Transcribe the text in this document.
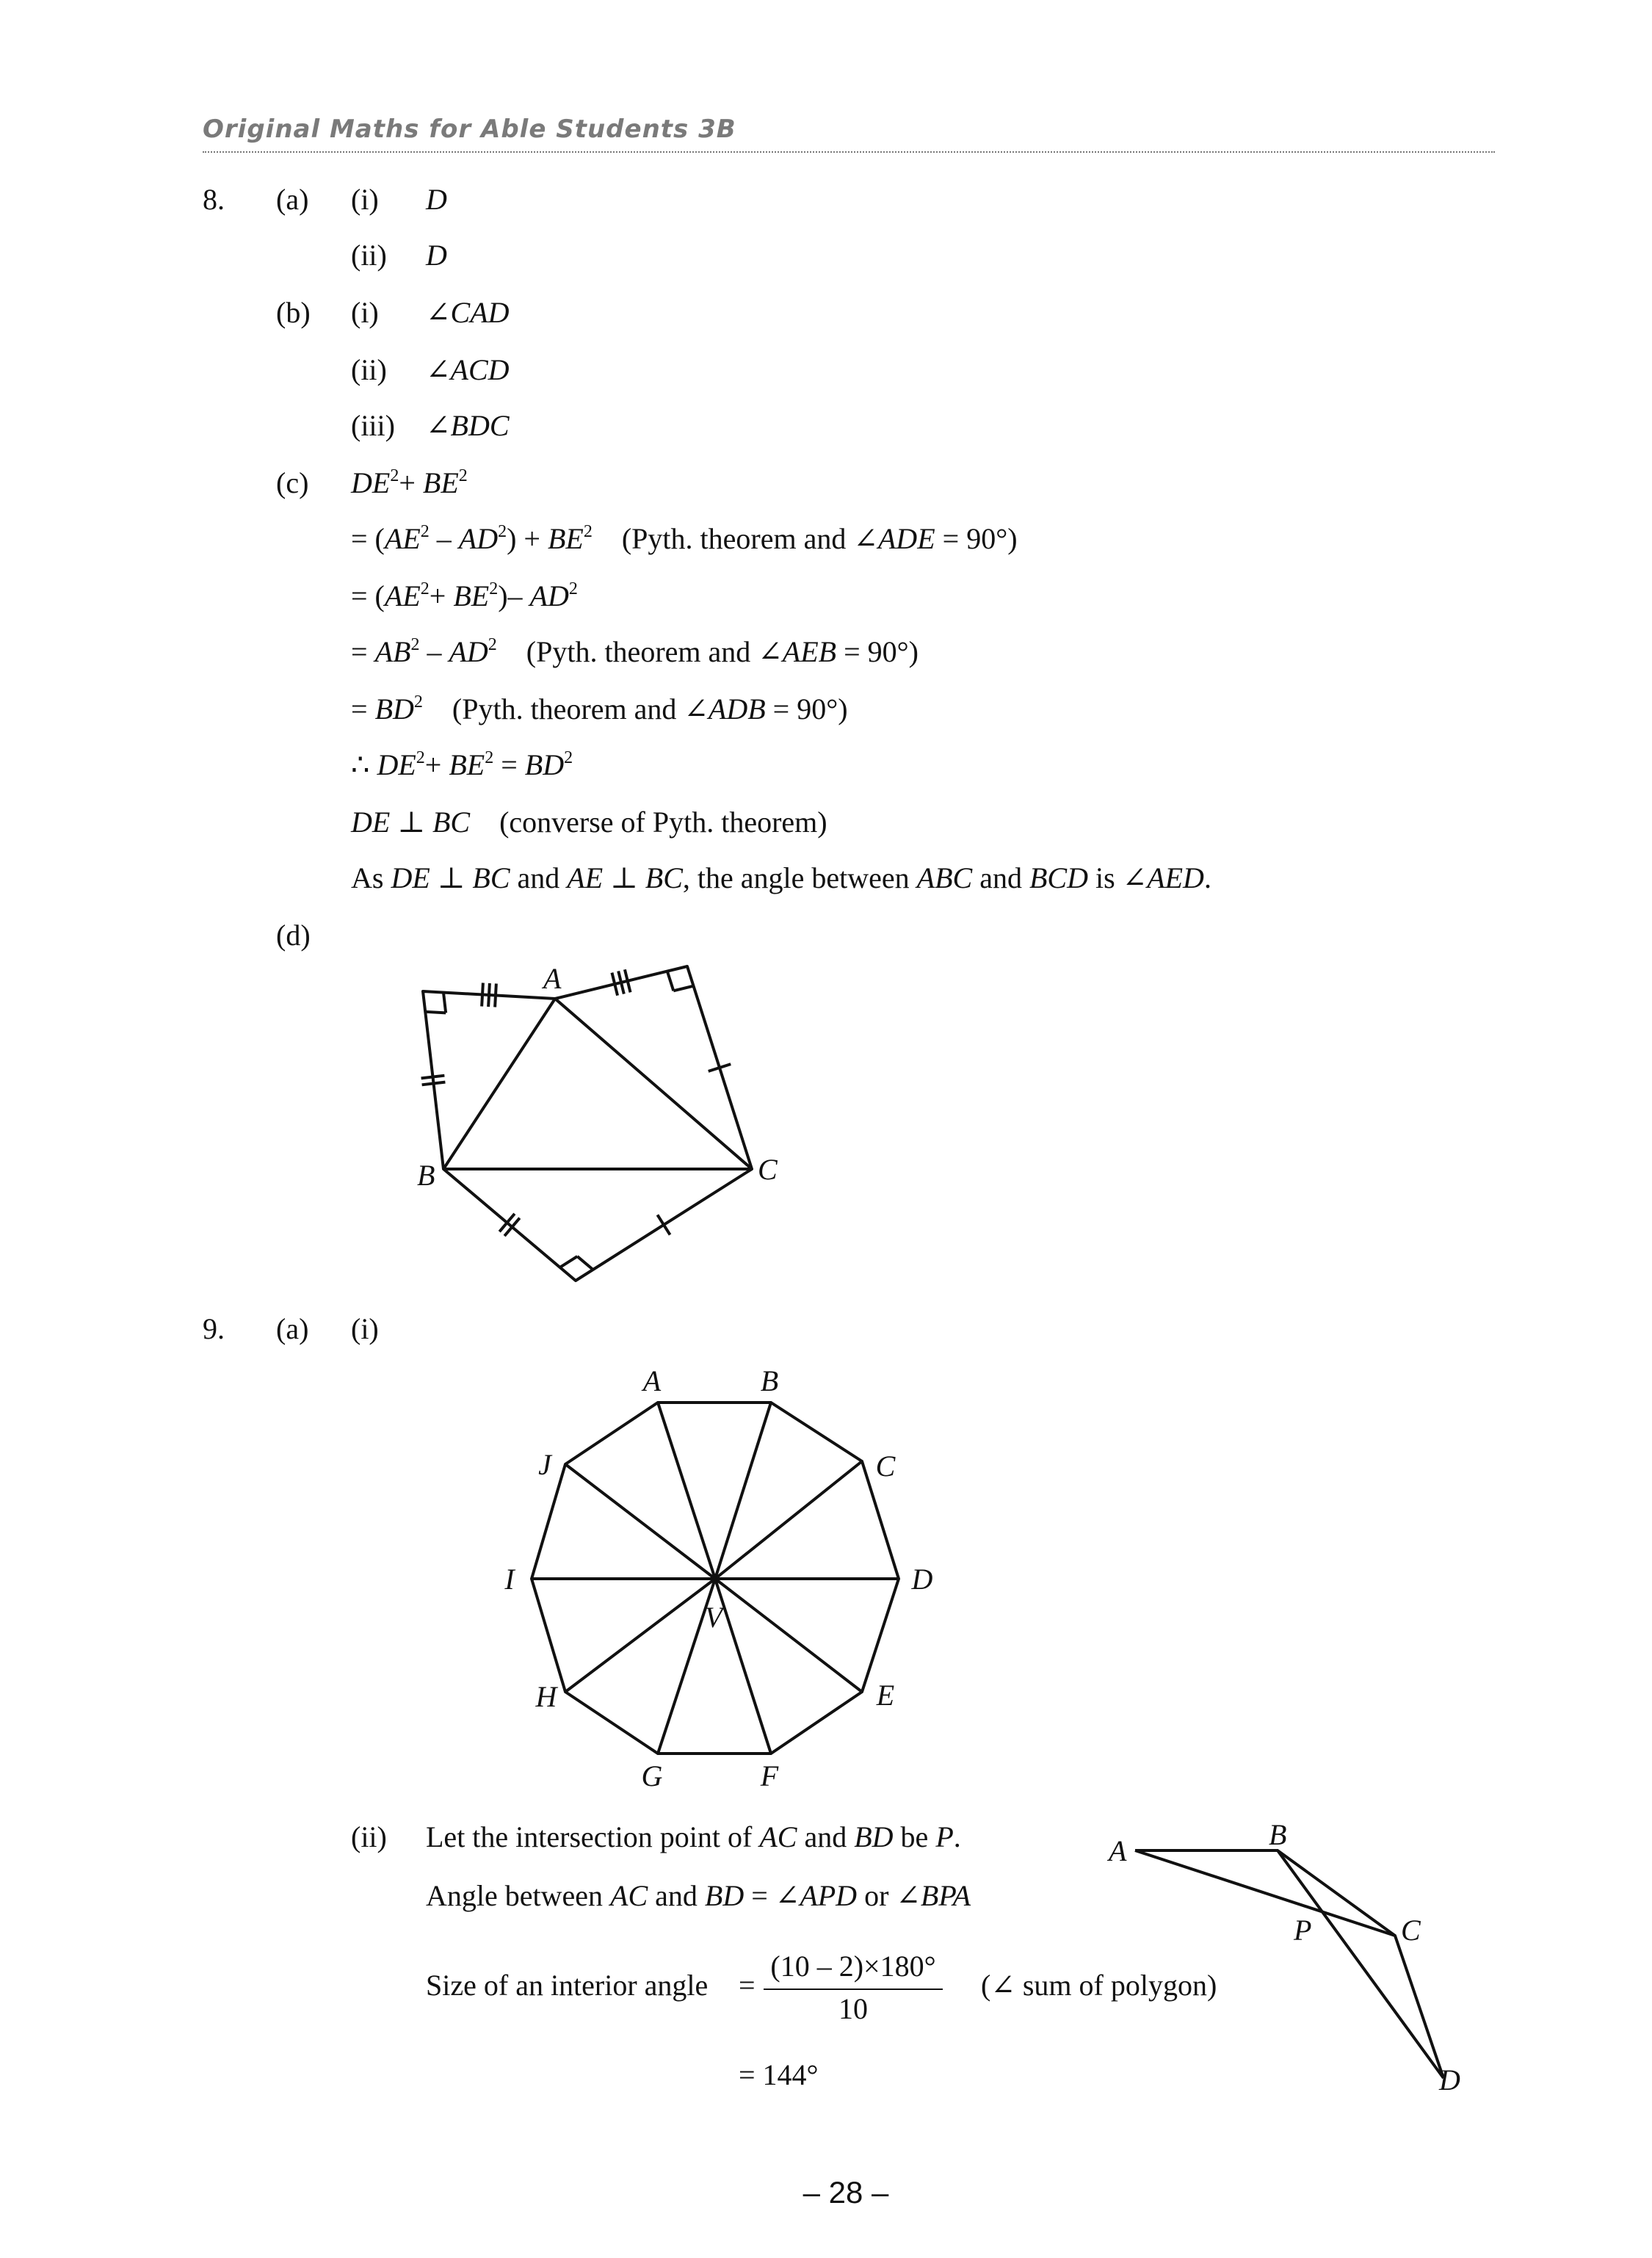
Original Maths for Able Students 3B
8. (a) (i) D
(ii) D
(b) (i) ∠CAD
(ii) ∠ACD
(iii) ∠BDC
(c) $DE^2+ BE^2$
= $(AE^2 - AD^2) + BE^2$    (Pyth. theorem and ∠ADE = 90°)
= $(AE^2+ BE^2)-$ $AD^2$
= $AB^2 - AD^2$    (Pyth. theorem and ∠AEB = 90°)
= $BD^2$    (Pyth. theorem and ∠ADB = 90°)
∴ $DE^2+ BE^2 = BD^2$
DE ⊥ BC    (converse of Pyth. theorem)
As DE ⊥ BC and AE ⊥ BC, the angle between ABC and BCD is ∠AED.
(d)
9. (a) (i)
(ii) Let the intersection point of AC and BD be P.
Angle between AC and BD = ∠APD or ∠BPA
Size of an interior angle =
(10 – 2)×180°
10
(∠ sum of polygon)
= 144°
– 28 –
A
B	C
A	B
C
D
E
F
G
H
I
J
V
A	B
C
D
P
